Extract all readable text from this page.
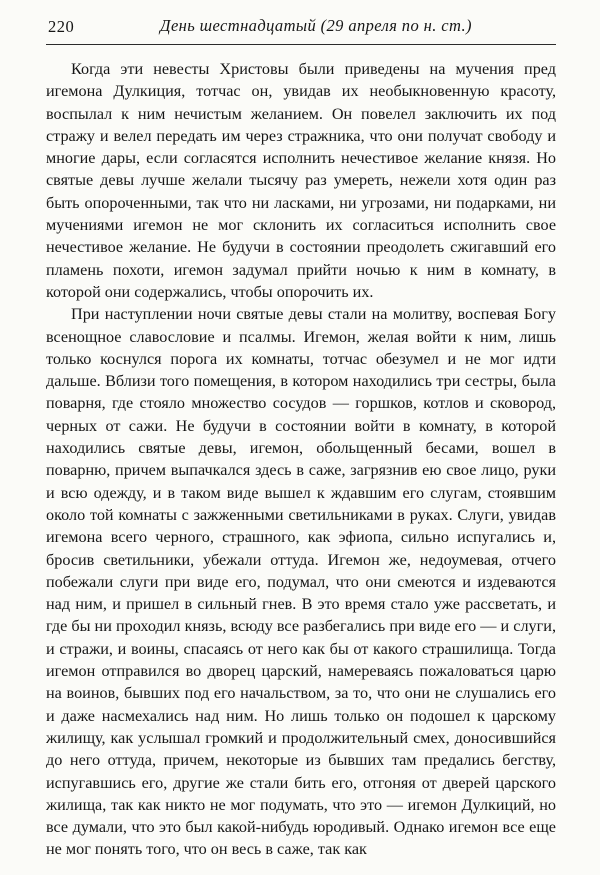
220	День шестнадцатый (29 апреля по н. ст.)

Когда эти невесты Христовы были приведены на мучения пред игемона Дулкиция, тотчас он, увидав их необыкновенную красоту, воспылал к ним нечистым желанием. Он повелел заключить их под стражу и велел передать им через стражника, что они получат свободу и многие дары, если согласятся исполнить нечестивое желание князя. Но святые девы лучше желали тысячу раз умереть, нежели хотя один раз быть опороченными, так что ни ласками, ни угрозами, ни подарками, ни мучениями игемон не мог склонить их согласиться исполнить свое нечестивое желание. Не будучи в состоянии преодолеть сжигавший его пламень похоти, игемон задумал прийти ночью к ним в комнату, в которой они содержались, чтобы опорочить их.

При наступлении ночи святые девы стали на молитву, воспевая Богу всенощное славословие и псалмы. Игемон, желая войти к ним, лишь только коснулся порога их комнаты, тотчас обезумел и не мог идти дальше. Вблизи того помещения, в котором находились три сестры, была поварня, где стояло множество сосудов — горшков, котлов и сковород, черных от сажи. Не будучи в состоянии войти в комнату, в которой находились святые девы, игемон, обольщенный бесами, вошел в поварню, причем выпачкался здесь в саже, загрязнив ею свое лицо, руки и всю одежду, и в таком виде вышел к ждавшим его слугам, стоявшим около той комнаты с зажженными светильниками в руках. Слуги, увидав игемона всего черного, страшного, как эфиопа, сильно испугались и, бросив светильники, убежали оттуда. Игемон же, недоумевая, отчего побежали слуги при виде его, подумал, что они смеются и издеваются над ним, и пришел в сильный гнев. В это время стало уже рассветать, и где бы ни проходил князь, всюду все разбегались при виде его — и слуги, и стражи, и воины, спасаясь от него как бы от какого страшилища. Тогда игемон отправился во дворец царский, намереваясь пожаловаться царю на воинов, бывших под его начальством, за то, что они не слушались его и даже насмехались над ним. Но лишь только он подошел к царскому жилищу, как услышал громкий и продолжительный смех, доносившийся до него оттуда, причем, некоторые из бывших там предались бегству, испугавшись его, другие же стали бить его, отгоняя от дверей царского жилища, так как никто не мог подумать, что это — игемон Дулкиций, но все думали, что это был какой-нибудь юродивый. Однако игемон все еще не мог понять того, что он весь в саже, так как
